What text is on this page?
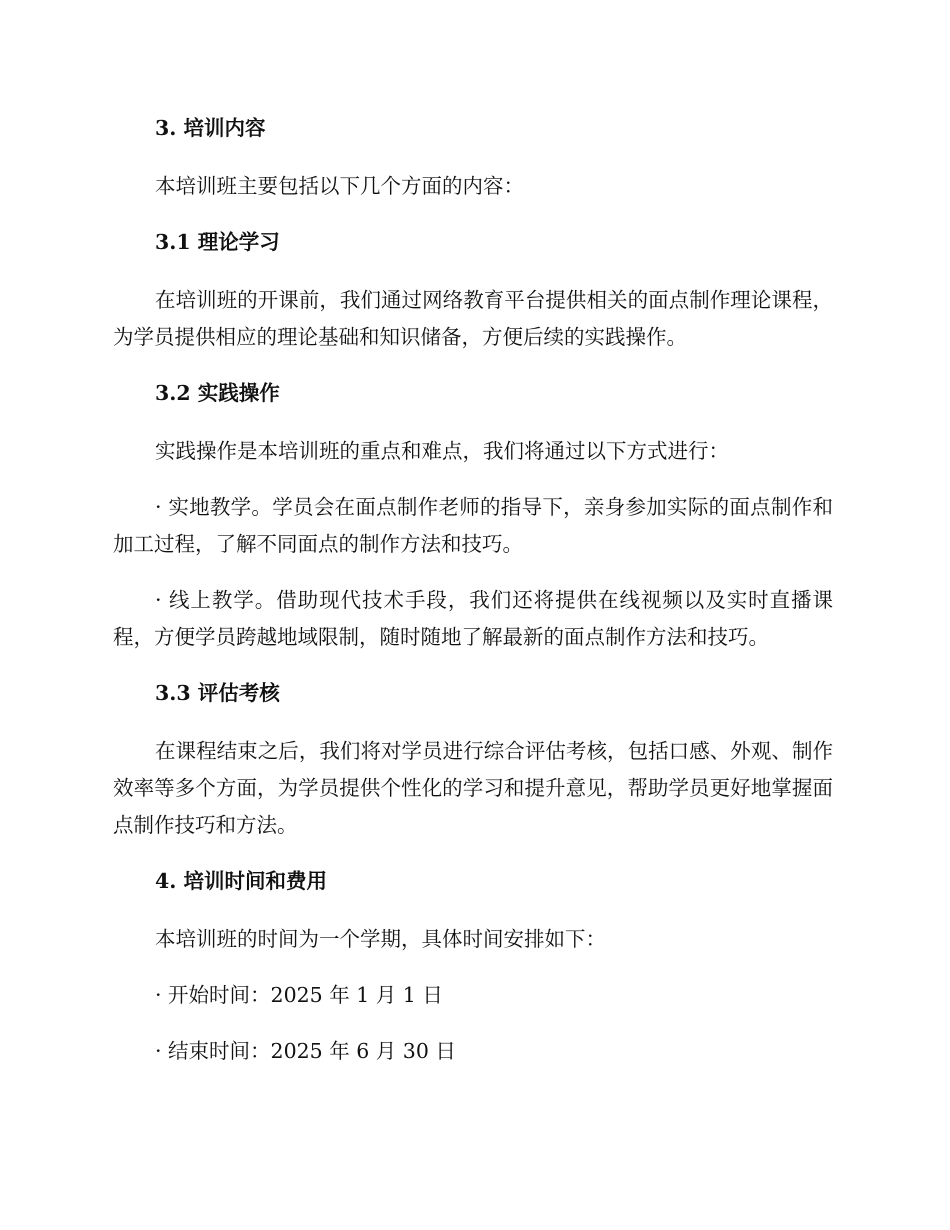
3. 培训内容

本培训班主要包括以下几个方面的内容：

3.1 理论学习

在培训班的开课前，我们通过网络教育平台提供相关的面点制作理论课程，为学员提供相应的理论基础和知识储备，方便后续的实践操作。

3.2 实践操作

实践操作是本培训班的重点和难点，我们将通过以下方式进行：

· 实地教学。学员会在面点制作老师的指导下，亲身参加实际的面点制作和加工过程，了解不同面点的制作方法和技巧。

· 线上教学。借助现代技术手段，我们还将提供在线视频以及实时直播课程，方便学员跨越地域限制，随时随地了解最新的面点制作方法和技巧。

3.3 评估考核

在课程结束之后，我们将对学员进行综合评估考核，包括口感、外观、制作效率等多个方面，为学员提供个性化的学习和提升意见，帮助学员更好地掌握面点制作技巧和方法。

4. 培训时间和费用

本培训班的时间为一个学期，具体时间安排如下：

· 开始时间：2025 年 1 月 1 日

· 结束时间：2025 年 6 月 30 日
